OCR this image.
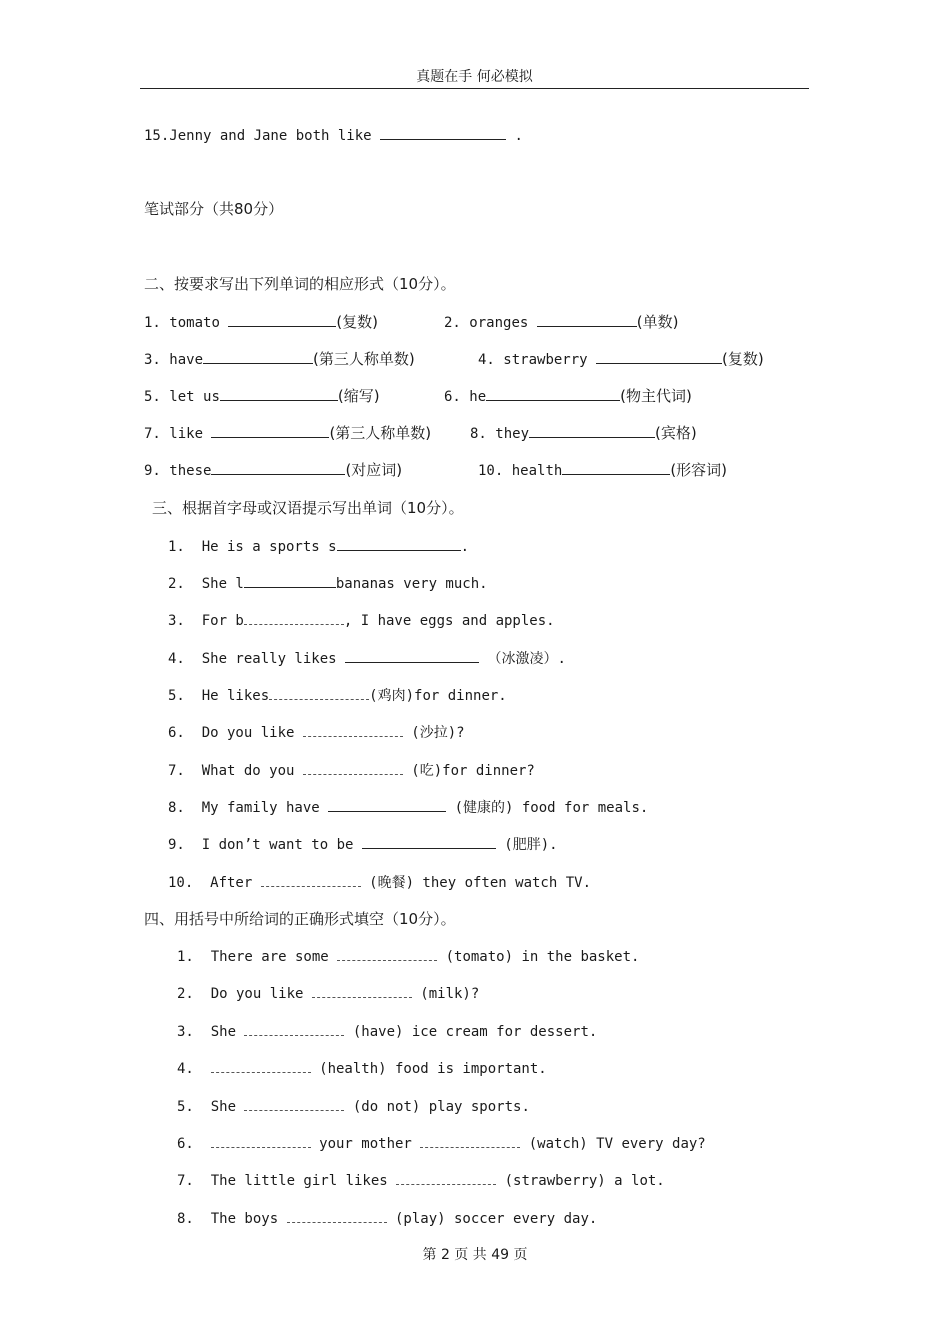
真题在手 何必模拟
15.Jenny and Jane both like	.
笔试部分（共80分）
二、按要求写出下列单词的相应形式（10分）。
1. tomato	(复数)	2. oranges	(单数)
3. have	(第三人称单数)	4. strawberry	(复数)
5. let us	(缩写)	6. he	(物主代词)
7. like	(第三人称单数)	8. they	(宾格)
9. these	(对应词)	10. health	(形容词)
三、根据首字母或汉语提示写出单词（10分）。
1.  He is a sports s	.
2.  She l	bananas very much.
3.  For b	, I have eggs and apples.
4.  She really likes	（冰激凌）.
5.  He likes	(鸡肉)for dinner.
6.  Do you like	(沙拉)?
7.  What do you	(吃)for dinner?
8.  My family have	(健康的) food for meals.
9.  I don’t want to be	(肥胖).
10.  After	(晚餐) they often watch TV.
四、用括号中所给词的正确形式填空（10分）。
1.  There are some	(tomato) in the basket.
2.  Do you like	(milk)?
3.  She	(have) ice cream for dessert.
4.	(health) food is important.
5.  She	(do not) play sports.
6.	your mother	(watch) TV every day?
7.  The little girl likes	(strawberry) a lot.
8.  The boys	(play) soccer every day.
第 2 页 共 49 页
